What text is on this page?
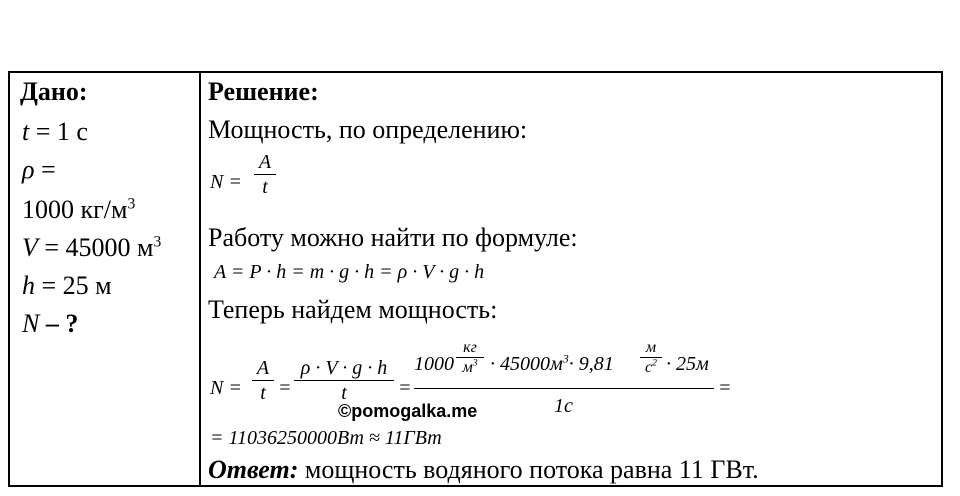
Дано:
t = 1 с
ρ =
1000 $кг/м^3$
V = 45000 $м^3$
h = 25 м
N – ?
Решение:
Мощность, по определению:
N =
A
t
Работу можно найти по формуле:
A = P · h = m · g · h = ρ · V · g · h
Теперь найдем мощность:
N =
A
t =
ρ · V · g · h
t	=
1000
кг
$м^3 \cdot 45000м^3\cdot 9,81$
м
$с^2 \cdot 25м$
1с
=
= 11036250000Вт ≈ 11ГВт
Ответ: мощность водяного потока равна 11 ГВт.
©pomogalka.me
